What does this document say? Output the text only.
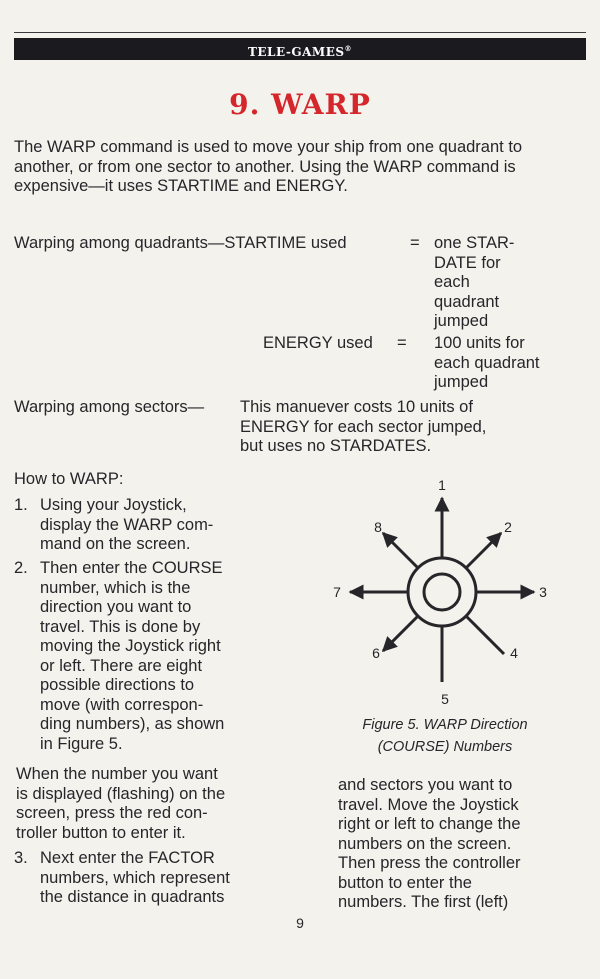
TELE-GAMES®
9. WARP
The WARP command is used to move your ship from one quadrant to another, or from one sector to another. Using the WARP command is expensive—it uses STARTIME and ENERGY.
Warping among quadrants—STARTIME used	= one STAR-
DATE for
each
quadrant
jumped
ENERGY used = 100 units for
each quadrant
jumped
Warping among sectors— This manuever costs 10 units of
ENERGY for each sector jumped,
but uses no STARDATES.
How to WARP:
1. Using your Joystick,
display the WARP com-
mand on the screen.
2. Then enter the COURSE
number, which is the
direction you want to
travel. This is done by
moving the Joystick right
or left. There are eight
possible directions to
move (with correspon-
ding numbers), as shown
in Figure 5.
When the number you want
is displayed (flashing) on the
screen, press the red con-
troller button to enter it.
3. Next enter the FACTOR
numbers, which represent
the distance in quadrants
and sectors you want to
travel. Move the Joystick
right or left to change the
numbers on the screen.
Then press the controller
button to enter the
numbers. The first (left)
1
2
3
4
5
6
7
8
Figure 5. WARP Direction
(COURSE) Numbers
9
